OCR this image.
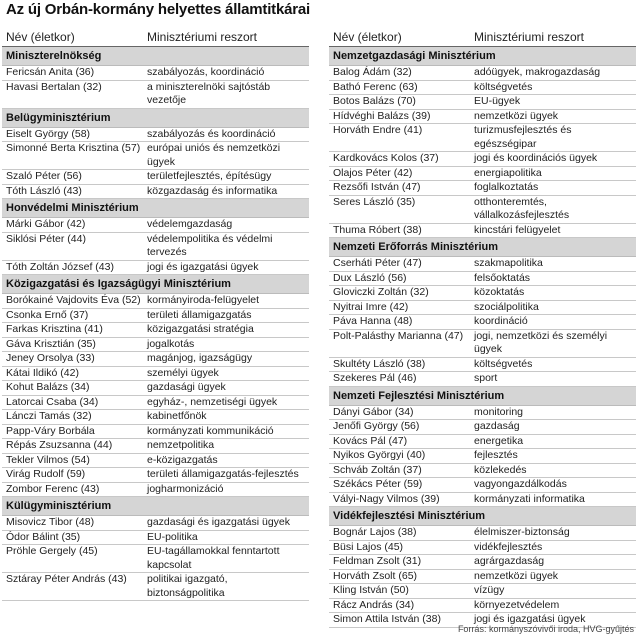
Az új Orbán-kormány helyettes államtitkárai
Név (életkor)	Minisztériumi reszort
Miniszterelnökség
Fericsán Anita (36)	szabályozás, koordináció
Havasi Bertalan (32)	a miniszterelnöki sajtóstáb vezetője
Belügyminisztérium
Eiselt György (58)	szabályozás és koordináció
Simonné Berta Krisztina (57) európai uniós és nemzetközi ügyek
Szaló Péter (56)	területfejlesztés, építésügy
Tóth László (43)	közgazdaság és informatika
Honvédelmi Minisztérium
Márki Gábor (42)	védelemgazdaság
Siklósi Péter (44)	védelempolitika és védelmi tervezés
Tóth Zoltán József (43)	jogi és igazgatási ügyek
Közigazgatási és Igazságügyi Minisztérium
Borókainé Vajdovits Éva (52) kormányiroda-felügyelet
Csonka Ernő (37)	területi államigazgatás
Farkas Krisztina (41)	közigazgatási stratégia
Gáva Krisztián (35)	jogalkotás
Jeney Orsolya (33)	magánjog, igazságügy
Kátai Ildikó (42)	személyi ügyek
Kohut Balázs (34)	gazdasági ügyek
Latorcai Csaba (34)	egyház-, nemzetiségi ügyek
Lánczi Tamás (32)	kabinetfőnök
Papp-Váry Borbála	kormányzati kommunikáció
Répás Zsuzsanna (44)	nemzetpolitika
Tekler Vilmos (54)	e-közigazgatás
Virág Rudolf (59)	területi államigazgatás-fejlesztés
Zombor Ferenc (43)	jogharmonizáció
Külügyminisztérium
Misovicz Tibor (48)	gazdasági és igazgatási ügyek
Ódor Bálint (35)	EU-politika
Pröhle Gergely (45)	EU-tagállamokkal fenntartott kapcsolat
Sztáray Péter András (43)	politikai igazgató, biztonságpolitika
Név (életkor)	Minisztériumi reszort
Nemzetgazdasági Minisztérium
Balog Ádám (32)	adóügyek, makrogazdaság
Bathó Ferenc (63)	költségvetés
Botos Balázs (70)	EU-ügyek
Hídvéghi Balázs (39)	nemzetközi ügyek
Horváth Endre (41)	turizmusfejlesztés és egészségipar
Kardkovács Kolos (37)	jogi és koordinációs ügyek
Olajos Péter (42)	energiapolitika
Rezsőfi István (47)	foglalkoztatás
Seres László (35)	otthonteremtés, vállalkozásfejlesztés
Thuma Róbert (38)	kincstári felügyelet
Nemzeti Erőforrás Minisztérium
Cserháti Péter (47)	szakmapolitika
Dux László (56)	felsőoktatás
Gloviczki Zoltán (32)	közoktatás
Nyitrai Imre (42)	szociálpolitika
Páva Hanna (48)	koordináció
Polt-Palásthy Marianna (47)	jogi, nemzetközi és személyi ügyek
Skultéty László (38)	költségvetés
Szekeres Pál (46)	sport
Nemzeti Fejlesztési Minisztérium
Dányi Gábor (34)	monitoring
Jenőfi György (56)	gazdaság
Kovács Pál (47)	energetika
Nyikos Györgyi (40)	fejlesztés
Schváb Zoltán (37)	közlekedés
Székács Péter (59)	vagyongazdálkodás
Vályi-Nagy Vilmos (39)	kormányzati informatika
Vidékfejlesztési Minisztérium
Bognár Lajos (38)	élelmiszer-biztonság
Büsi Lajos (45)	vidékfejlesztés
Feldman Zsolt (31)	agrárgazdaság
Horváth Zsolt (65)	nemzetközi ügyek
Kling István (50)	vízügy
Rácz András (34)	környezetvédelem
Simon Attila István (38)	jogi és igazgatási ügyek
Forrás: kormányszóvivői iroda, HVG-gyűjtés
